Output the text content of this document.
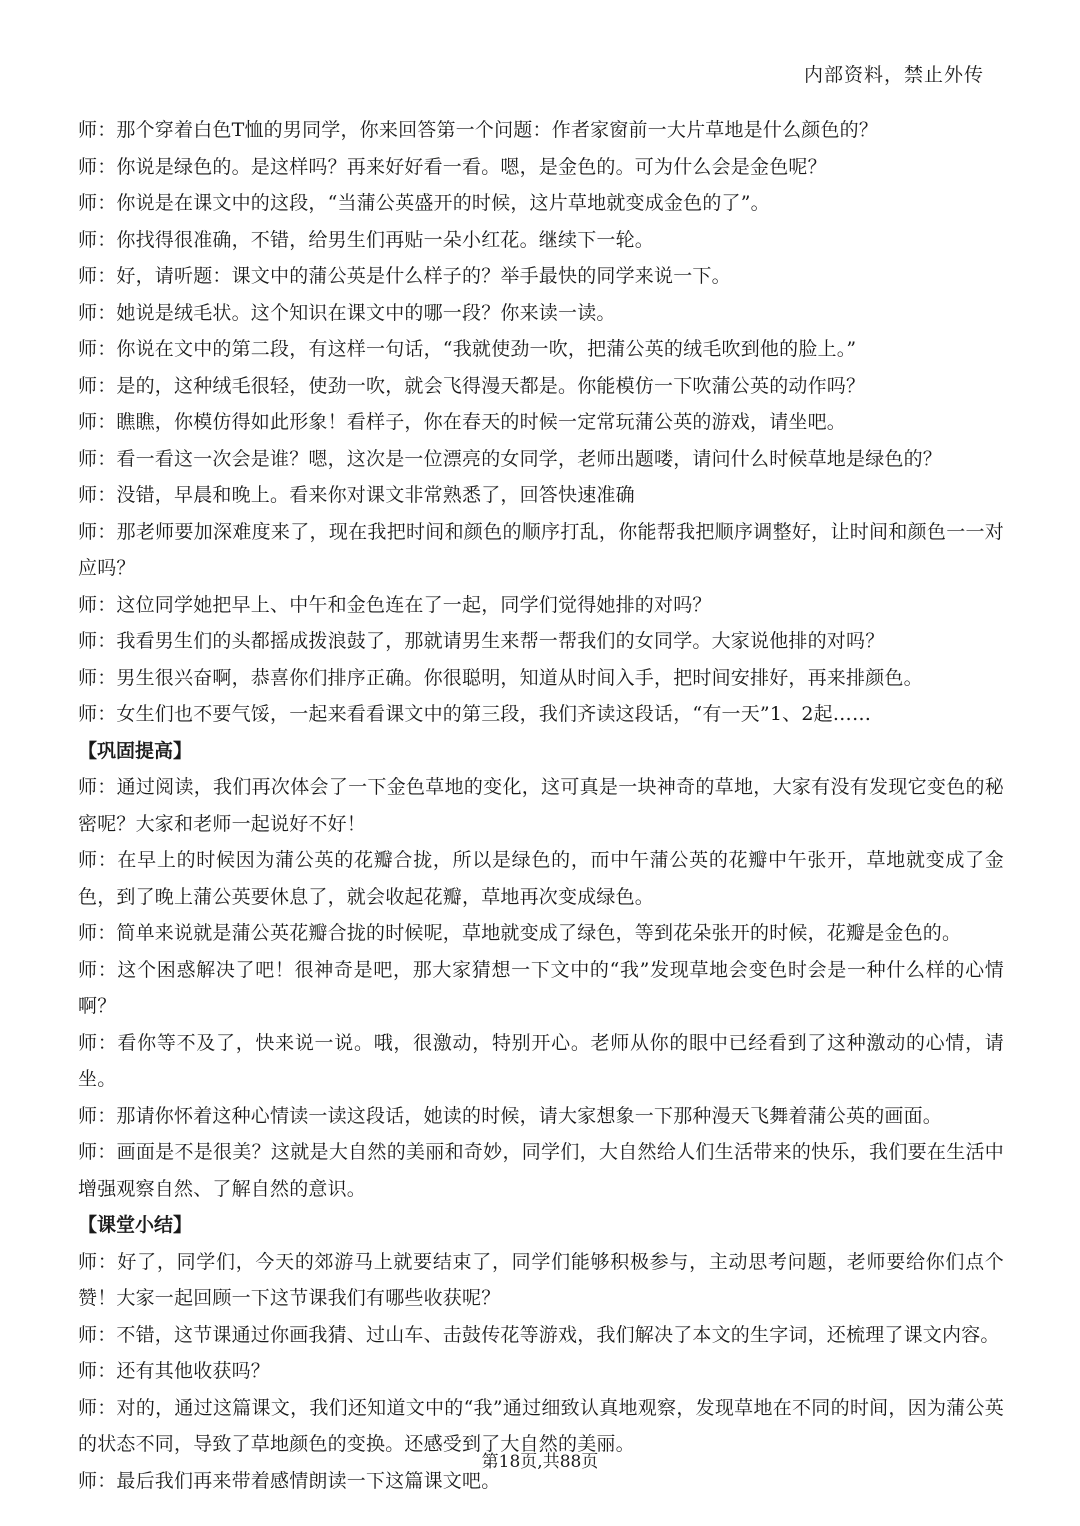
内部资料，禁止外传

师：那个穿着白色T恤的男同学，你来回答第一个问题：作者家窗前一大片草地是什么颜色的？

师：你说是绿色的。是这样吗？再来好好看一看。嗯，是金色的。可为什么会是金色呢？

师：你说是在课文中的这段，“当蒲公英盛开的时候，这片草地就变成金色的了”。

师：你找得很准确，不错，给男生们再贴一朵小红花。继续下一轮。

师：好，请听题：课文中的蒲公英是什么样子的？举手最快的同学来说一下。

师：她说是绒毛状。这个知识在课文中的哪一段？你来读一读。

师：你说在文中的第二段，有这样一句话，“我就使劲一吹，把蒲公英的绒毛吹到他的脸上。”

师：是的，这种绒毛很轻，使劲一吹，就会飞得漫天都是。你能模仿一下吹蒲公英的动作吗？

师：瞧瞧，你模仿得如此形象！看样子，你在春天的时候一定常玩蒲公英的游戏，请坐吧。

师：看一看这一次会是谁？嗯，这次是一位漂亮的女同学，老师出题喽，请问什么时候草地是绿色的？

师：没错，早晨和晚上。看来你对课文非常熟悉了，回答快速准确

师：那老师要加深难度来了，现在我把时间和颜色的顺序打乱，你能帮我把顺序调整好，让时间和颜色一一对应吗？

师：这位同学她把早上、中午和金色连在了一起，同学们觉得她排的对吗？

师：我看男生们的头都摇成拨浪鼓了，那就请男生来帮一帮我们的女同学。大家说他排的对吗？

师：男生很兴奋啊，恭喜你们排序正确。你很聪明，知道从时间入手，把时间安排好，再来排颜色。

师：女生们也不要气馁，一起来看看课文中的第三段，我们齐读这段话，“有一天”1、2起……

【巩固提高】

师：通过阅读，我们再次体会了一下金色草地的变化，这可真是一块神奇的草地，大家有没有发现它变色的秘密呢？大家和老师一起说好不好！

师：在早上的时候因为蒲公英的花瓣合拢，所以是绿色的，而中午蒲公英的花瓣中午张开，草地就变成了金色，到了晚上蒲公英要休息了，就会收起花瓣，草地再次变成绿色。

师：简单来说就是蒲公英花瓣合拢的时候呢，草地就变成了绿色，等到花朵张开的时候，花瓣是金色的。

师：这个困惑解决了吧！很神奇是吧，那大家猜想一下文中的“我”发现草地会变色时会是一种什么样的心情啊？

师：看你等不及了，快来说一说。哦，很激动，特别开心。老师从你的眼中已经看到了这种激动的心情，请坐。

师：那请你怀着这种心情读一读这段话，她读的时候，请大家想象一下那种漫天飞舞着蒲公英的画面。

师：画面是不是很美？这就是大自然的美丽和奇妙，同学们，大自然给人们生活带来的快乐，我们要在生活中增强观察自然、了解自然的意识。

【课堂小结】

师：好了，同学们，今天的郊游马上就要结束了，同学们能够积极参与，主动思考问题，老师要给你们点个赞！大家一起回顾一下这节课我们有哪些收获呢？

师：不错，这节课通过你画我猜、过山车、击鼓传花等游戏，我们解决了本文的生字词，还梳理了课文内容。

师：还有其他收获吗？

师：对的，通过这篇课文，我们还知道文中的“我”通过细致认真地观察，发现草地在不同的时间，因为蒲公英的状态不同，导致了草地颜色的变换。还感受到了大自然的美丽。

师：最后我们再来带着感情朗读一下这篇课文吧。

第18页,共88页
